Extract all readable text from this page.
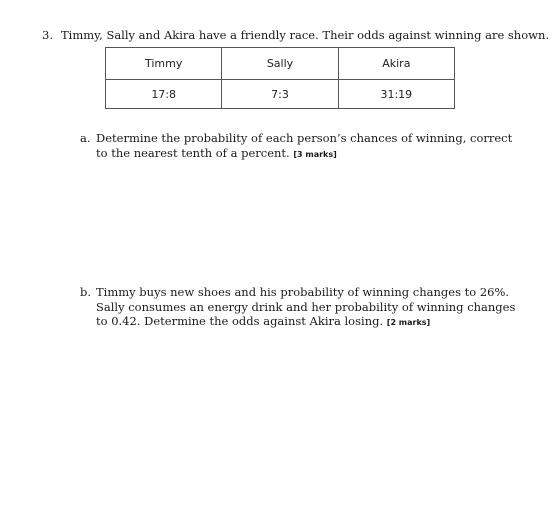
3. Timmy, Sally and Akira have a friendly race. Their odds against winning are shown.
Timmy	Sally	Akira
17:8	7:3	31:19
a. Determine the probability of each person’s chances of winning, correct to the nearest tenth of a percent. [3 marks]
b. Timmy buys new shoes and his probability of winning changes to 26%. Sally consumes an energy drink and her probability of winning changes to 0.42. Determine the odds against Akira losing. [2 marks]
